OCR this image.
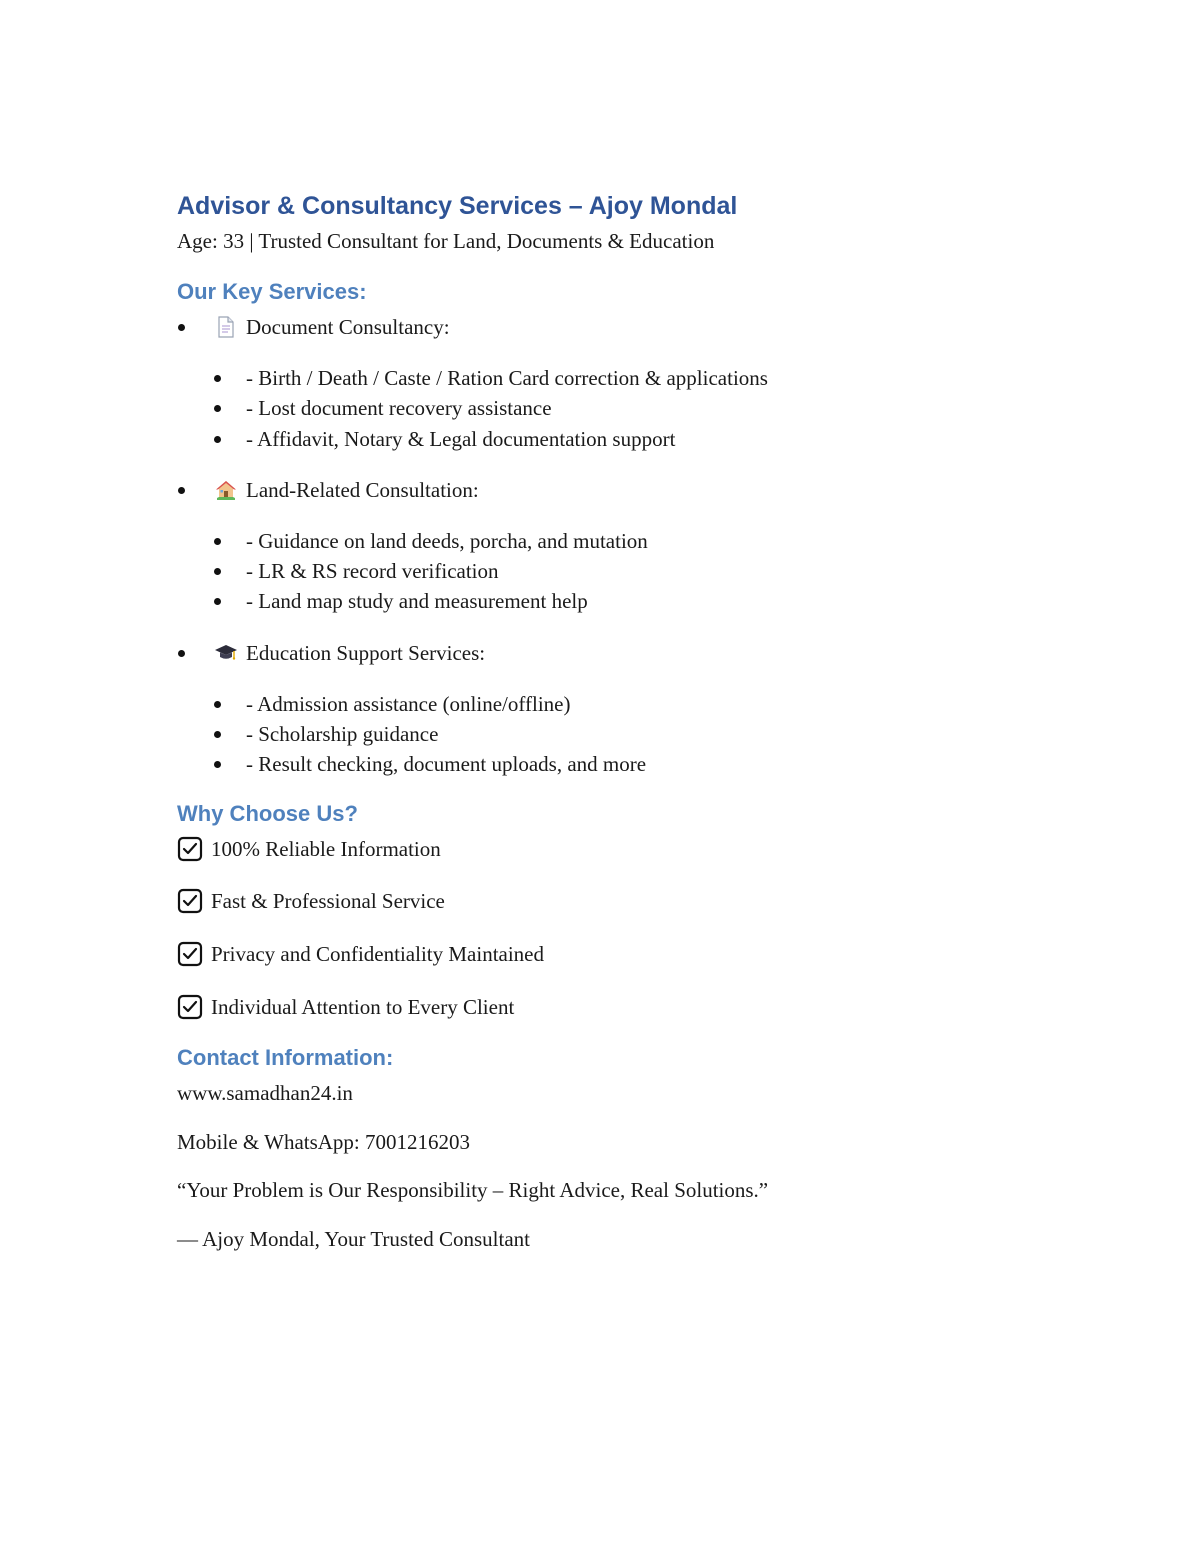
Advisor & Consultancy Services – Ajoy Mondal

Age: 33 | Trusted Consultant for Land, Documents & Education

Our Key Services:
Document Consultancy:
- Birth / Death / Caste / Ration Card correction & applications
- Lost document recovery assistance
- Affidavit, Notary & Legal documentation support
Land-Related Consultation:
- Guidance on land deeds, porcha, and mutation
- LR & RS record verification
- Land map study and measurement help
Education Support Services:
- Admission assistance (online/offline)
- Scholarship guidance
- Result checking, document uploads, and more
Why Choose Us?
100% Reliable Information
Fast & Professional Service
Privacy and Confidentiality Maintained
Individual Attention to Every Client
Contact Information:

www.samadhan24.in

Mobile & WhatsApp: 7001216203

“Your Problem is Our Responsibility – Right Advice, Real Solutions.”

— Ajoy Mondal, Your Trusted Consultant
